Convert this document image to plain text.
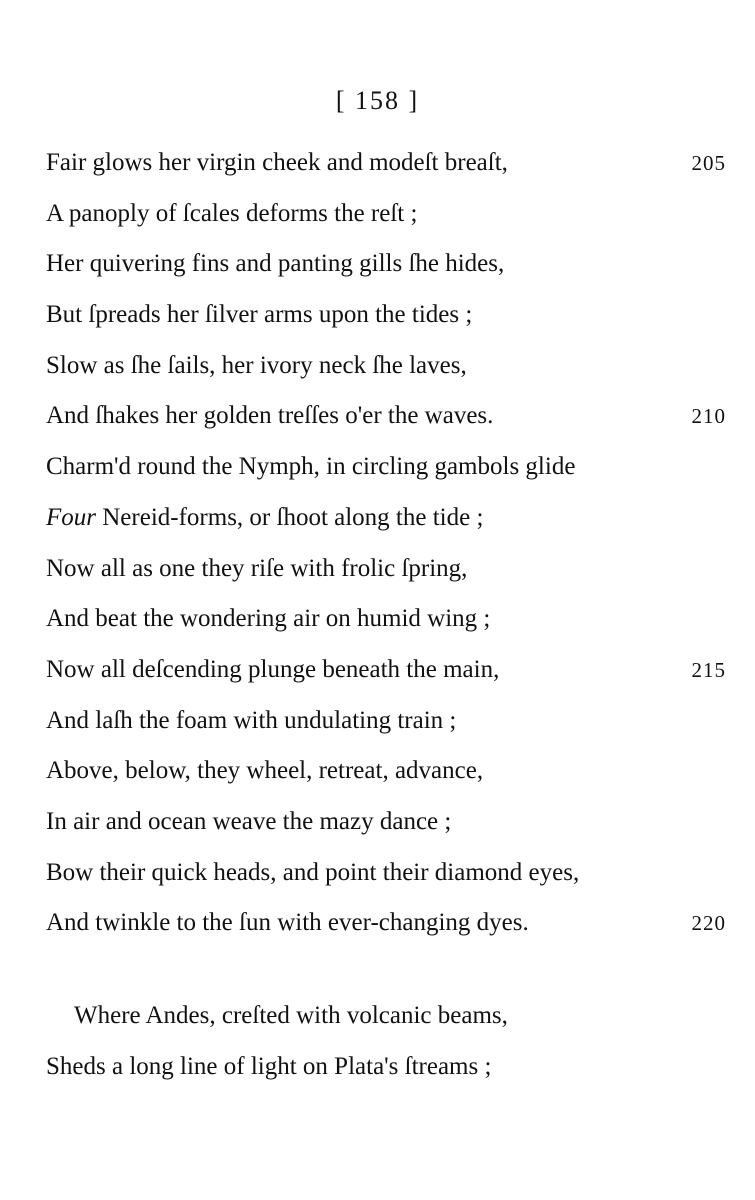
[ 158 ]
Fair glows her virgin cheek and modeſt breaſt,	205
A panoply of ſcales deforms the reſt ;
Her quivering fins and panting gills ſhe hides,
But ſpreads her ſilver arms upon the tides ;
Slow as ſhe ſails, her ivory neck ſhe laves,
And ſhakes her golden treſſes o'er the waves.	210
Charm'd round the Nymph, in circling gambols glide
Four Nereid-forms, or ſhoot along the tide ;
Now all as one they riſe with frolic ſpring,
And beat the wondering air on humid wing ;
Now all deſcending plunge beneath the main,	215
And laſh the foam with undulating train ;
Above, below, they wheel, retreat, advance,
In air and ocean weave the mazy dance ;
Bow their quick heads, and point their diamond eyes,
And twinkle to the ſun with ever-changing dyes.	220
Where Andes, creſted with volcanic beams,
Sheds a long line of light on Plata's ſtreams ;
